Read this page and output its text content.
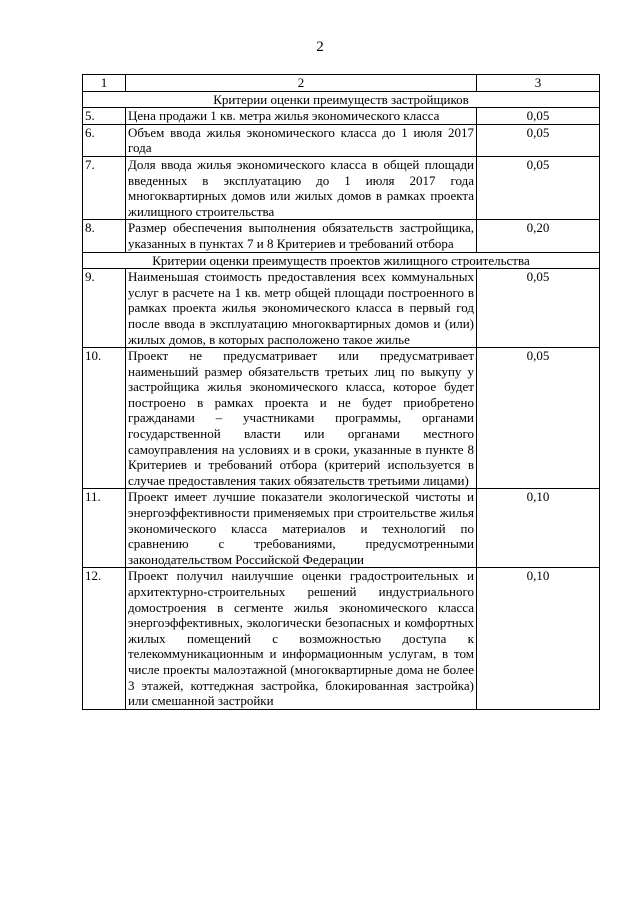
2
1	2	3
Критерии оценки преимуществ застройщиков		
5.	Цена продажи 1 кв. метра жилья экономического класса	0,05
6.	Объем ввода жилья экономического класса до 1 июля 2017 года	0,05
7.	Доля ввода жилья экономического класса в общей площади введенных в эксплуатацию до 1 июля 2017 года многоквартирных домов или жилых домов в рамках проекта жилищного строительства	0,05
8.	Размер обеспечения выполнения обязательств застройщика, указанных в пунктах 7 и 8 Критериев и требований отбора	0,20
Критерии оценки преимуществ проектов жилищного строительства		
9.	Наименьшая стоимость предоставления всех коммунальных услуг в расчете на 1 кв. метр общей площади построенного в рамках проекта жилья экономического класса в первый год после ввода в эксплуатацию многоквартирных домов и (или) жилых домов, в которых расположено такое жилье	0,05
10.	Проект не предусматривает или предусматривает наименьший размер обязательств третьих лиц по выкупу у застройщика жилья экономического класса, которое будет построено в рамках проекта и не будет приобретено гражданами – участниками программы, органами государственной власти или органами местного самоуправления на условиях и в сроки, указанные в пункте 8 Критериев и требований отбора (критерий используется в случае предоставления таких обязательств третьими лицами)	0,05
11.	Проект имеет лучшие показатели экологической чистоты и энергоэффективности применяемых при строительстве жилья экономического класса материалов и технологий по сравнению с требованиями, предусмотренными законодательством Российской Федерации	0,10
12.	Проект получил наилучшие оценки градостроительных и архитектурно-строительных решений индустриального домостроения в сегменте жилья экономического класса энергоэффективных, экологически безопасных и комфортных жилых помещений с возможностью доступа к телекоммуникационным и информационным услугам, в том числе проекты малоэтажной (многоквартирные дома не более 3 этажей, коттеджная застройка, блокированная застройка) или смешанной застройки	0,10
